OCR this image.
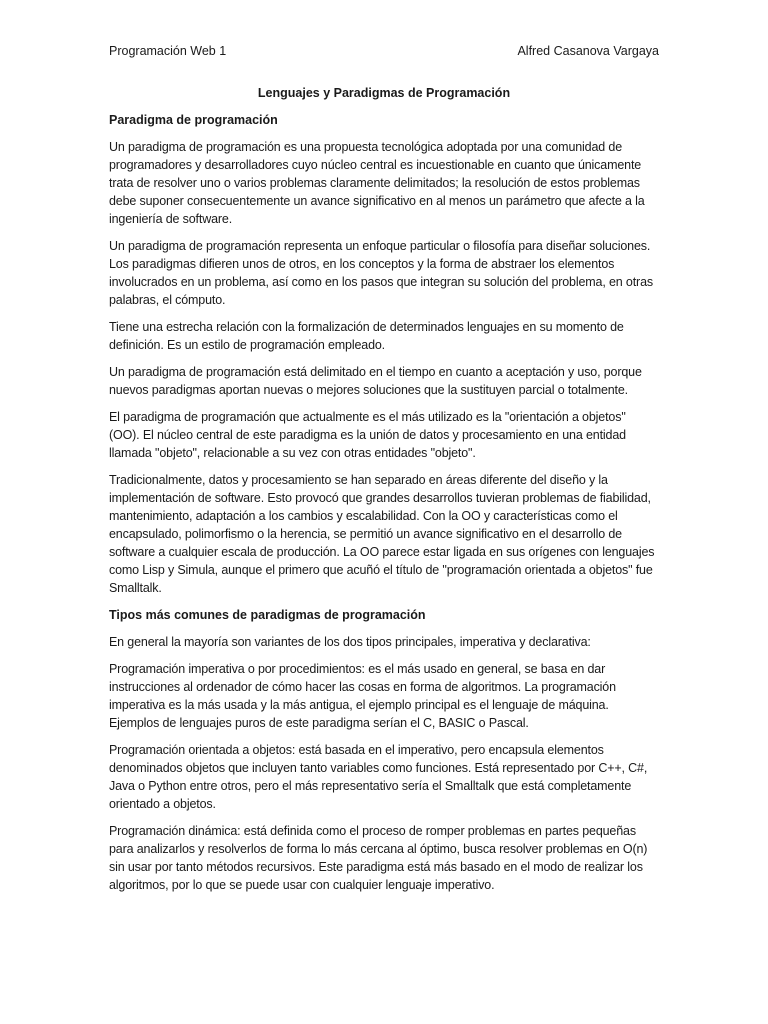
Programación Web 1	Alfred Casanova Vargaya
Lenguajes y Paradigmas de Programación
Paradigma de programación

Un paradigma de programación es una propuesta tecnológica adoptada por una comunidad de programadores y desarrolladores cuyo núcleo central es incuestionable en cuanto que únicamente trata de resolver uno o varios problemas claramente delimitados; la resolución de estos problemas debe suponer consecuentemente un avance significativo en al menos un parámetro que afecte a la ingeniería de software.

Un paradigma de programación representa un enfoque particular o filosofía para diseñar soluciones. Los paradigmas difieren unos de otros, en los conceptos y la forma de abstraer los elementos involucrados en un problema, así como en los pasos que integran su solución del problema, en otras palabras, el cómputo.

Tiene una estrecha relación con la formalización de determinados lenguajes en su momento de definición. Es un estilo de programación empleado.

Un paradigma de programación está delimitado en el tiempo en cuanto a aceptación y uso, porque nuevos paradigmas aportan nuevas o mejores soluciones que la sustituyen parcial o totalmente.

El paradigma de programación que actualmente es el más utilizado es la "orientación a objetos" (OO). El núcleo central de este paradigma es la unión de datos y procesamiento en una entidad llamada "objeto", relacionable a su vez con otras entidades "objeto".

Tradicionalmente, datos y procesamiento se han separado en áreas diferente del diseño y la implementación de software. Esto provocó que grandes desarrollos tuvieran problemas de fiabilidad, mantenimiento, adaptación a los cambios y escalabilidad. Con la OO y características como el encapsulado, polimorfismo o la herencia, se permitió un avance significativo en el desarrollo de software a cualquier escala de producción. La OO parece estar ligada en sus orígenes con lenguajes como Lisp y Simula, aunque el primero que acuñó el título de "programación orientada a objetos" fue Smalltalk.

Tipos más comunes de paradigmas de programación

En general la mayoría son variantes de los dos tipos principales, imperativa y declarativa:

Programación imperativa o por procedimientos: es el más usado en general, se basa en dar instrucciones al ordenador de cómo hacer las cosas en forma de algoritmos. La programación imperativa es la más usada y la más antigua, el ejemplo principal es el lenguaje de máquina. Ejemplos de lenguajes puros de este paradigma serían el C, BASIC o Pascal.

Programación orientada a objetos: está basada en el imperativo, pero encapsula elementos denominados objetos que incluyen tanto variables como funciones. Está representado por C++, C#, Java o Python entre otros, pero el más representativo sería el Smalltalk que está completamente orientado a objetos.

Programación dinámica: está definida como el proceso de romper problemas en partes pequeñas para analizarlos y resolverlos de forma lo más cercana al óptimo, busca resolver problemas en O(n) sin usar por tanto métodos recursivos. Este paradigma está más basado en el modo de realizar los algoritmos, por lo que se puede usar con cualquier lenguaje imperativo.
